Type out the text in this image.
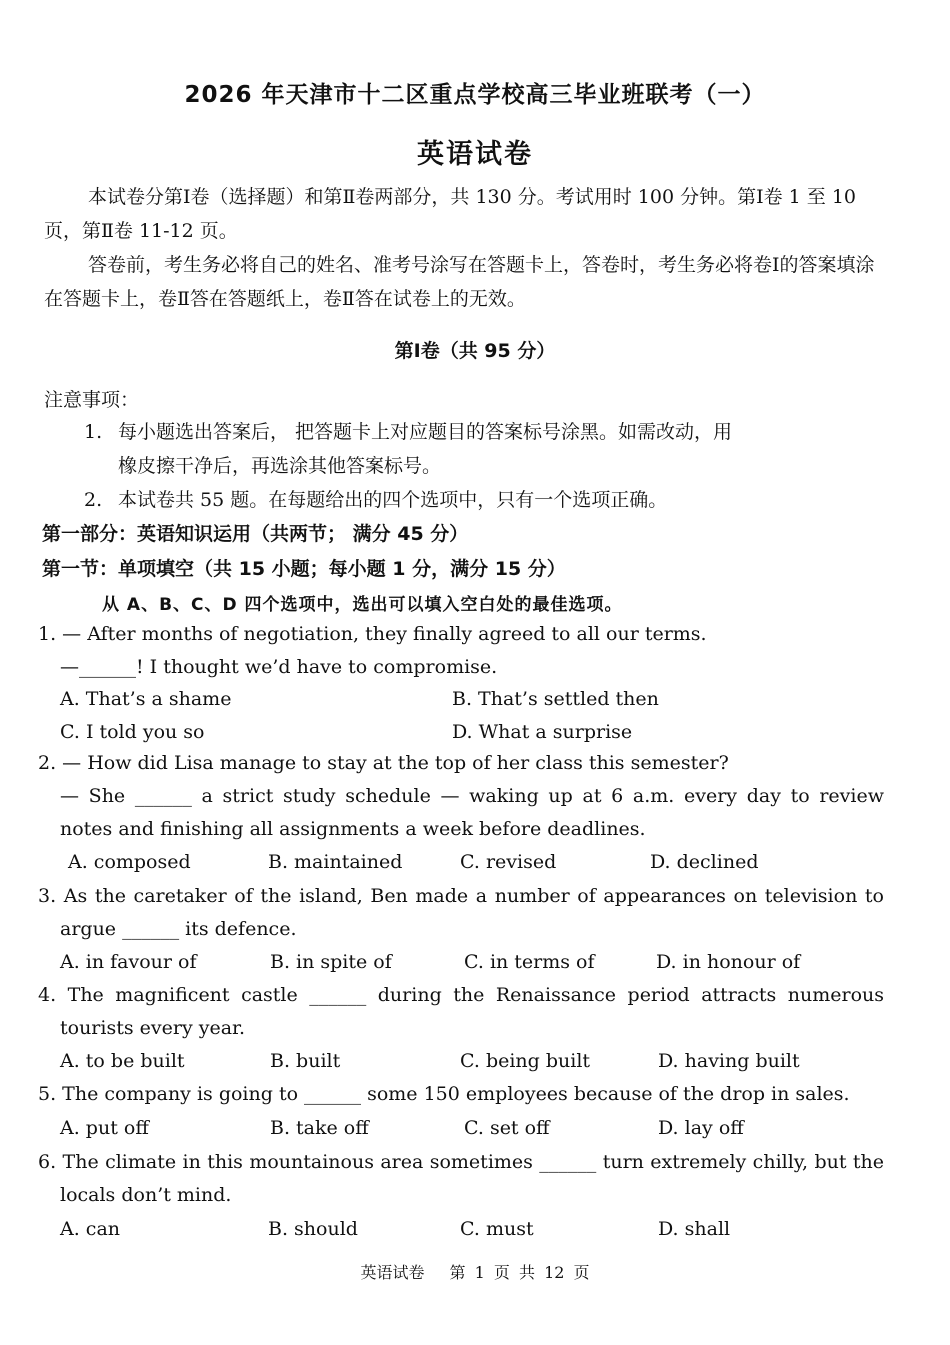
2026 年天津市十二区重点学校高三毕业班联考（一）
英语试卷

本试卷分第Ⅰ卷（选择题）和第Ⅱ卷两部分，共 130 分。考试用时 100 分钟。第Ⅰ卷 1 至 10 页，第Ⅱ卷 11-12 页。

答卷前，考生务必将自己的姓名、准考号涂写在答题卡上，答卷时，考生务必将卷Ⅰ的答案填涂在答题卡上，卷Ⅱ答在答题纸上，卷Ⅱ答在试卷上的无效。

第Ⅰ卷（共 95 分）
注意事项：
1. 每小题选出答案后， 把答题卡上对应题目的答案标号涂黑。如需改动，用
橡皮擦干净后，再选涂其他答案标号。
2. 本试卷共 55 题。在每题给出的四个选项中，只有一个选项正确。
第一部分：英语知识运用（共两节； 满分 45 分）
第一节：单项填空（共 15 小题；每小题 1 分，满分 15 分）
从 A、B、C、D 四个选项中，选出可以填入空白处的最佳选项。
1. — After months of negotiation, they finally agreed to all our terms.
—______! I thought we’d have to compromise.
A. That’s a shame	B. That’s settled then
C. I told you so	D. What a surprise
2. — How did Lisa manage to stay at the top of her class this semester?
— She ______ a strict study schedule — waking up at 6 a.m. every day to review notes and finishing all assignments a week before deadlines.
A. composed	B. maintained	C. revised	D. declined
3. As the caretaker of the island, Ben made a number of appearances on television to argue ______ its defence.
A. in favour of	B. in spite of	C. in terms of	D. in honour of
4. The magnificent castle ______ during the Renaissance period attracts numerous tourists every year.
A. to be built	B. built	C. being built	D. having built
5. The company is going to ______ some 150 employees because of the drop in sales.
A. put off	B. take off	C. set off	D. lay off
6. The climate in this mountainous area sometimes ______ turn extremely chilly, but the locals don’t mind.
A. can	B. should	C. must	D. shall
英语试卷　 第 1 页 共 12 页
